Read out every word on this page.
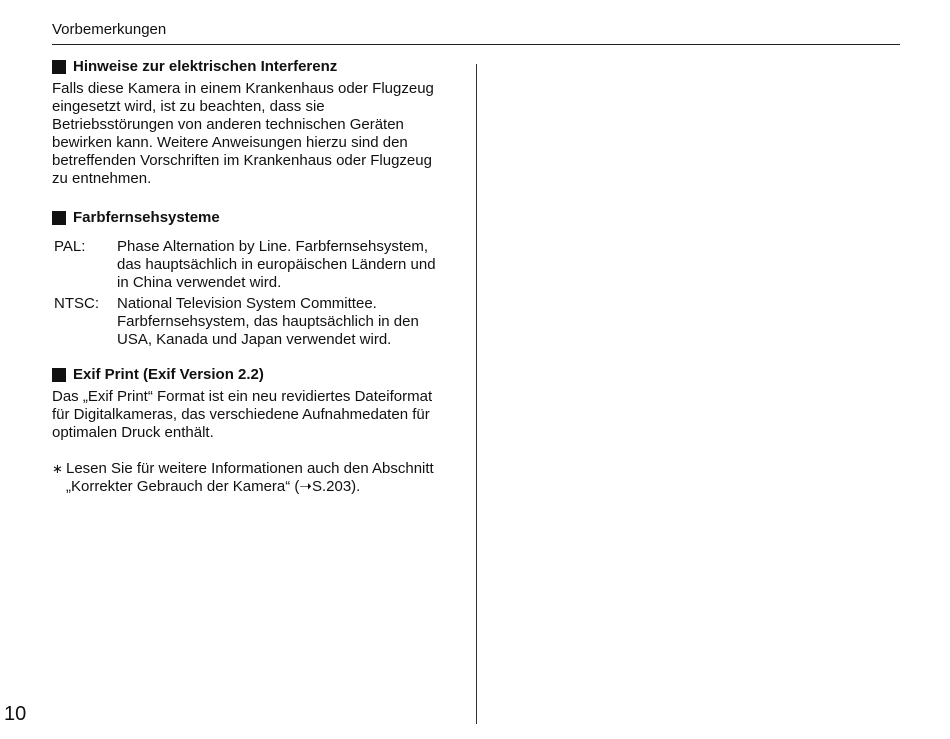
Vorbemerkungen
Hinweise zur elektrischen Interferenz

Falls diese Kamera in einem Krankenhaus oder Flugzeug
eingesetzt wird, ist zu beachten, dass sie
Betriebsstörungen von anderen technischen Geräten
bewirken kann. Weitere Anweisungen hierzu sind den
betreffenden Vorschriften im Krankenhaus oder Flugzeug
zu entnehmen.

Farbfernsehsysteme
PAL:	Phase Alternation by Line. Farbfernsehsystem,
das hauptsächlich in europäischen Ländern und
in China verwendet wird.
NTSC:	National Television System Committee.
Farbfernsehsystem, das hauptsächlich in den
USA, Kanada und Japan verwendet wird.
Exif Print (Exif Version 2.2)

Das „Exif Print“ Format ist ein neu revidiertes Dateiformat
für Digitalkameras, das verschiedene Aufnahmedaten für
optimalen Druck enthält.

∗ Lesen Sie für weitere Informationen auch den Abschnitt
„Korrekter Gebrauch der Kamera“ (➝S.203).
10
